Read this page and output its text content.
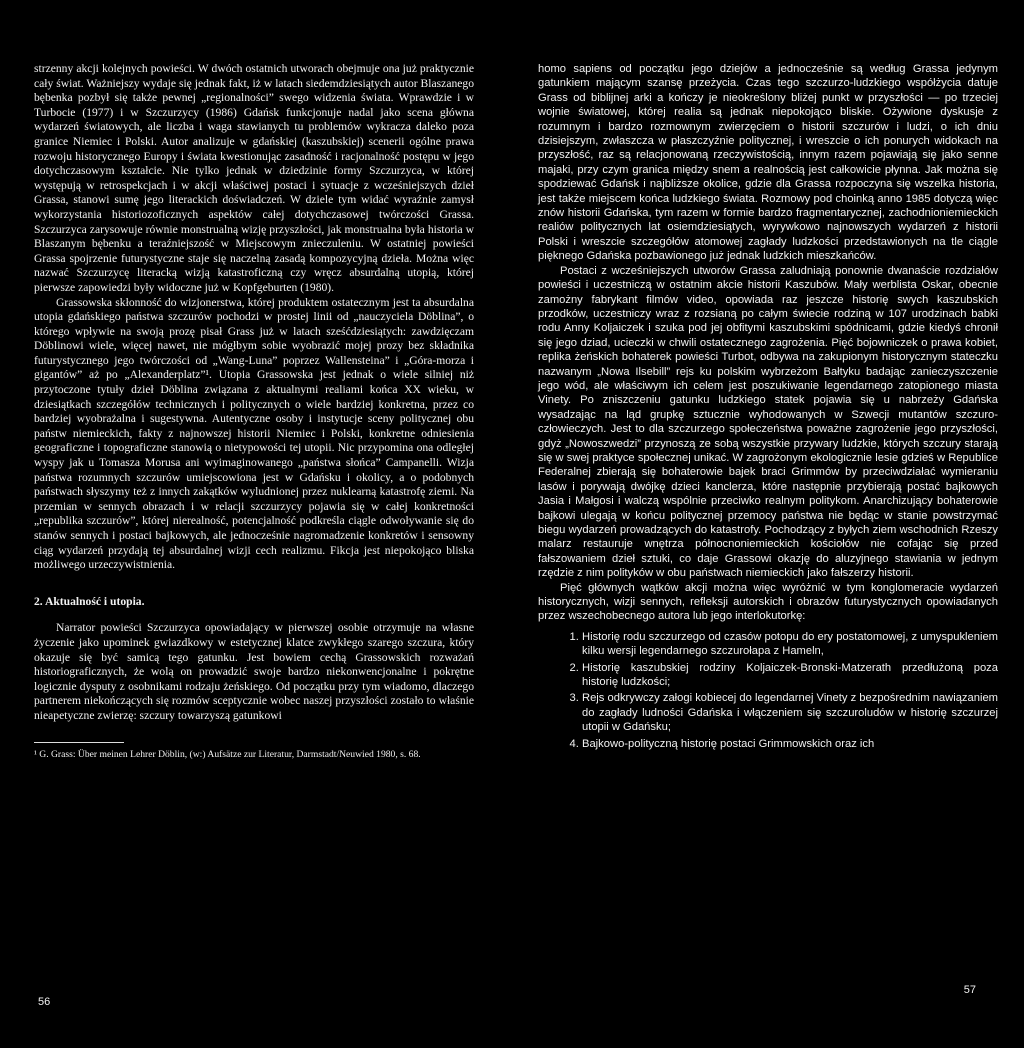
strzenny akcji kolejnych powieści. W dwóch ostatnich utworach obejmuje ona już praktycznie cały świat. Ważniejszy wydaje się jednak fakt, iż w latach siedemdziesiątych autor Blaszanego bębenka pozbył się także pewnej „regionalności” swego widzenia świata. Wprawdzie i w Turbocie (1977) i w Szczurzycy (1986) Gdańsk funkcjonuje nadal jako scena główna wydarzeń światowych, ale liczba i waga stawianych tu problemów wykracza daleko poza granice Niemiec i Polski. Autor analizuje w gdańskiej (kaszubskiej) scenerii ogólne prawa rozwoju historycznego Europy i świata kwestionując zasadność i racjonalność postępu w jego dotychczasowym kształcie. Nie tylko jednak w dziedzinie formy Szczurzyca, w której występują w retrospekcjach i w akcji właściwej postaci i sytuacje z wcześniejszych dzieł Grassa, stanowi sumę jego literackich doświadczeń. W dziele tym widać wyraźnie zamysł wykorzystania historiozoficznych aspektów całej dotychczasowej twórczości Grassa. Szczurzyca zarysowuje równie monstrualną wizję przyszłości, jak monstrualna była historia w Blaszanym bębenku a teraźniejszość w Miejscowym znieczuleniu. W ostatniej powieści Grassa spojrzenie futurystyczne staje się naczelną zasadą kompozycyjną dzieła. Można więc nazwać Szczurzycę literacką wizją katastroficzną czy wręcz absurdalną utopią, której pierwsze zapowiedzi były widoczne już w Kopfgeburten (1980).

Grassowska skłonność do wizjonerstwa, której produktem ostatecznym jest ta absurdalna utopia gdańskiego państwa szczurów pochodzi w prostej linii od „nauczyciela Döblina”, o którego wpływie na swoją prozę pisał Grass już w latach sześćdziesiątych: zawdzięczam Döblinowi wiele, więcej nawet, nie mógłbym sobie wyobrazić mojej prozy bez składnika futurystycznego jego twórczości od „Wang-Luna” poprzez Wallensteina” i „Góra-morza i gigantów” aż po „Alexanderplatz”¹. Utopia Grassowska jest jednak o wiele silniej niż przytoczone tytuły dzieł Döblina związana z aktualnymi realiami końca XX wieku, w dziesiątkach szczegółów technicznych i politycznych o wiele bardziej konkretna, przez co bardziej wyobrażalna i sugestywna. Autentyczne osoby i instytucje sceny politycznej obu państw niemieckich, fakty z najnowszej historii Niemiec i Polski, konkretne odniesienia geograficzne i topograficzne stanowią o nietypowości tej utopii. Nic przypomina ona odległej wyspy jak u Tomasza Morusa ani wyimaginowanego „państwa słońca” Campanelli. Wizja państwa rozumnych szczurów umiejscowiona jest w Gdańsku i okolicy, a o podobnych państwach słyszymy też z innych zakątków wyludnionej przez nuklearną katastrofę ziemi. Na przemian w sennych obrazach i w relacji szczurzycy pojawia się w całej konkretności „republika szczurów”, której nierealność, potencjalność podkreśla ciągle odwoływanie się do stanów sennych i postaci bajkowych, ale jednocześnie nagromadzenie konkretów i sensowny ciąg wydarzeń przydają tej absurdalnej wizji cech realizmu. Fikcja jest niepokojąco bliska możliwego urzeczywistnienia.

2. Aktualność i utopia.

Narrator powieści Szczurzyca opowiadający w pierwszej osobie otrzymuje na własne życzenie jako upominek gwiazdkowy w estetycznej klatce zwykłego szarego szczura, który okazuje się być samicą tego gatunku. Jest bowiem cechą Grassowskich rozważań historiograficznych, że wolą on prowadzić swoje bardzo niekonwencjonalne i pokrętne logicznie dysputy z osobnikami rodzaju żeńskiego. Od początku przy tym wiadomo, dlaczego partnerem niekończących się rozmów sceptycznie wobec naszej przyszłości zostało to właśnie nieapetyczne zwierzę: szczury towarzyszą gatunkowi

¹ G. Grass: Über meinen Lehrer Döblin, (w:) Aufsätze zur Literatur, Darmstadt/Neuwied 1980, s. 68.

56

homo sapiens od początku jego dziejów a jednocześnie są według Grassa jedynym gatunkiem mającym szansę przeżycia. Czas tego szczurzo-ludzkiego współżycia datuje Grass od biblijnej arki a kończy je nieokreślony bliżej punkt w przyszłości — po trzeciej wojnie światowej, której realia są jednak niepokojąco bliskie. Ożywione dyskusje z rozumnym i bardzo rozmownym zwierzęciem o historii szczurów i ludzi, o ich dniu dzisiejszym, zwłaszcza w płaszczyźnie politycznej, i wreszcie o ich ponurych widokach na przyszłość, raz są relacjonowaną rzeczywistością, innym razem pojawiają się jako senne majaki, przy czym granica między snem a realnością jest całkowicie płynna. Jak można się spodziewać Gdańsk i najbliższe okolice, gdzie dla Grassa rozpoczyna się wszelka historia, jest także miejscem końca ludzkiego świata. Rozmowy pod choinką anno 1985 dotyczą więc znów historii Gdańska, tym razem w formie bardzo fragmentarycznej, zachodnioniemieckich realiów politycznych lat osiemdziesiątych, wyrywkowo najnowszych wydarzeń z historii Polski i wreszcie szczegółów atomowej zagłady ludzkości przedstawionych na tle ciągle pięknego Gdańska pozbawionego już jednak ludzkich mieszkańców.

Postaci z wcześniejszych utworów Grassa zaludniają ponownie dwanaście rozdziałów powieści i uczestniczą w ostatnim akcie historii Kaszubów. Mały werblista Oskar, obecnie zamożny fabrykant filmów video, opowiada raz jeszcze historię swych kaszubskich przodków, uczestniczy wraz z rozsianą po całym świecie rodziną w 107 urodzinach babki rodu Anny Koljaiczek i szuka pod jej obfitymi kaszubskimi spódnicami, gdzie kiedyś chronił się jego dziad, ucieczki w chwili ostatecznego zagrożenia. Pięć bojowniczek o prawa kobiet, replika żeńskich bohaterek powieści Turbot, odbywa na zakupionym historycznym stateczku nazwanym „Nowa Ilsebill” rejs ku polskim wybrzeżom Bałtyku badając zanieczyszczenie jego wód, ale właściwym ich celem jest poszukiwanie legendarnego zatopionego miasta Vinety. Po zniszczeniu gatunku ludzkiego statek pojawia się u nabrzeży Gdańska wysadzając na ląd grupkę sztucznie wyhodowanych w Szwecji mutantów szczuro-człowieczych. Jest to dla szczurzego społeczeństwa poważne zagrożenie jego przyszłości, gdyż „Nowoszwedzi” przynoszą ze sobą wszystkie przywary ludzkie, których szczury starają się w swej praktyce społecznej unikać. W zagrożonym ekologicznie lesie gdzieś w Republice Federalnej zbierają się bohaterowie bajek braci Grimmów by przeciwdziałać wymieraniu lasów i porywają dwójkę dzieci kanclerza, które następnie przybierają postać bajkowych Jasia i Małgosi i walczą wspólnie przeciwko realnym politykom. Anarchizujący bohaterowie bajkowi ulegają w końcu politycznej przemocy państwa nie będąc w stanie powstrzymać biegu wydarzeń prowadzących do katastrofy. Pochodzący z byłych ziem wschodnich Rzeszy malarz restauruje wnętrza północnoniemieckich kościołów nie cofając się przed fałszowaniem dzieł sztuki, co daje Grassowi okazję do aluzyjnego stawiania w jednym rzędzie z nim polityków w obu państwach niemieckich jako fałszerzy historii.

Pięć głównych wątków akcji można więc wyróżnić w tym konglomeracie wydarzeń historycznych, wizji sennych, refleksji autorskich i obrazów futurystycznych opowiadanych przez wszechobecnego autora lub jego interlokutorkę:

1. Historię rodu szczurzego od czasów potopu do ery postatomowej, z umyspukleniem kilku wersji legendarnego szczurołapa z Hameln,
2. Historię kaszubskiej rodziny Koljaiczek-Bronski-Matzerath przedłużoną poza historię ludzkości;
3. Rejs odkrywczy załogi kobiecej do legendarnej Vinety z bezpośrednim nawiązaniem do zagłady ludności Gdańska i włączeniem się szczuroludów w historię szczurzej utopii w Gdańsku;
4. Bajkowo-polityczną historię postaci Grimmowskich oraz ich
57
